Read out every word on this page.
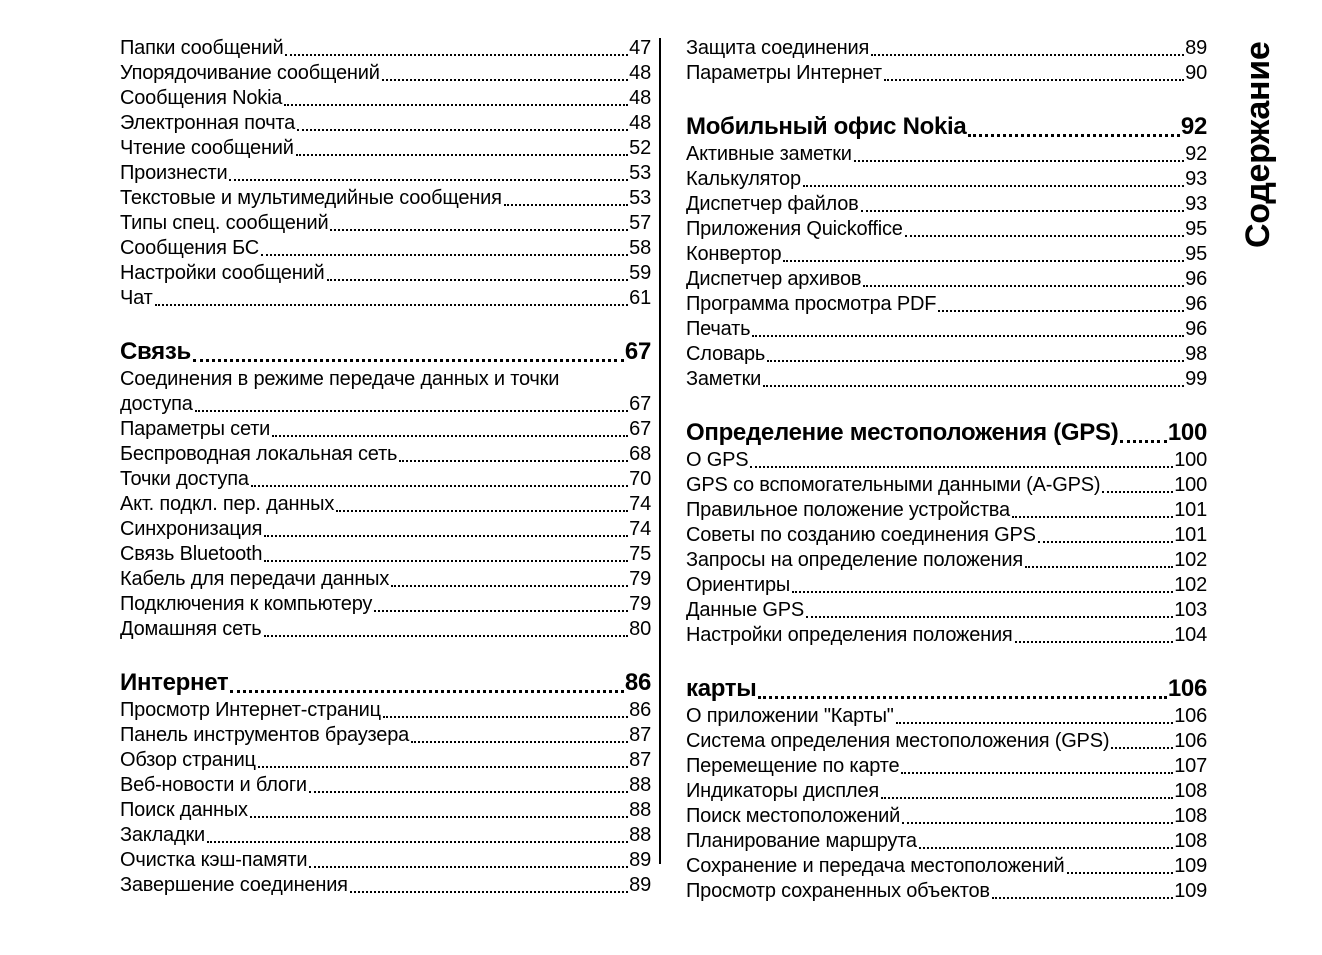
Папки сообщений	47
Упорядочивание сообщений	48
Сообщения Nokia	48
Электронная почта	48
Чтение сообщений	52
Произнести	53
Текстовые и мультимедийные сообщения	53
Типы спец. сообщений	57
Сообщения БС	58
Настройки сообщений	59
Чат	61
Связь	67
Соединения в режиме передаче данных и точки
доступа	67
Параметры сети	67
Беспроводная локальная сеть	68
Точки доступа	70
Акт. подкл. пер. данных	74
Синхронизация	74
Связь Bluetooth	75
Кабель для передачи данных	79
Подключения к компьютеру	79
Домашняя сеть	80
Интернет	86
Просмотр Интернет-страниц	86
Панель инструментов браузера	87
Обзор страниц	87
Веб-новости и блоги	88
Поиск данных	88
Закладки	88
Очистка кэш-памяти	89
Завершение соединения	89
Защита соединения	89
Параметры Интернет	90
Мобильный офис Nokia	92
Активные заметки	92
Калькулятор	93
Диспетчер файлов	93
Приложения Quickoffice	95
Конвертор	95
Диспетчер архивов	96
Программа просмотра PDF	96
Печать	96
Словарь	98
Заметки	99
Определение местоположения (GPS) 100
О GPS	100
GPS со вспомогательными данными (A-GPS)	100
Правильное положение устройства	101
Советы по созданию соединения GPS	101
Запросы на определение положения	102
Ориентиры	102
Данные GPS	103
Настройки определения положения	104
карты	106
О приложении "Карты"	106
Система определения местоположения (GPS)	106
Перемещение по карте	107
Индикаторы дисплея	108
Поиск местоположений	108
Планирование маршрута	108
Сохранение и передача местоположений	109
Просмотр сохраненных объектов	109
Содержание
